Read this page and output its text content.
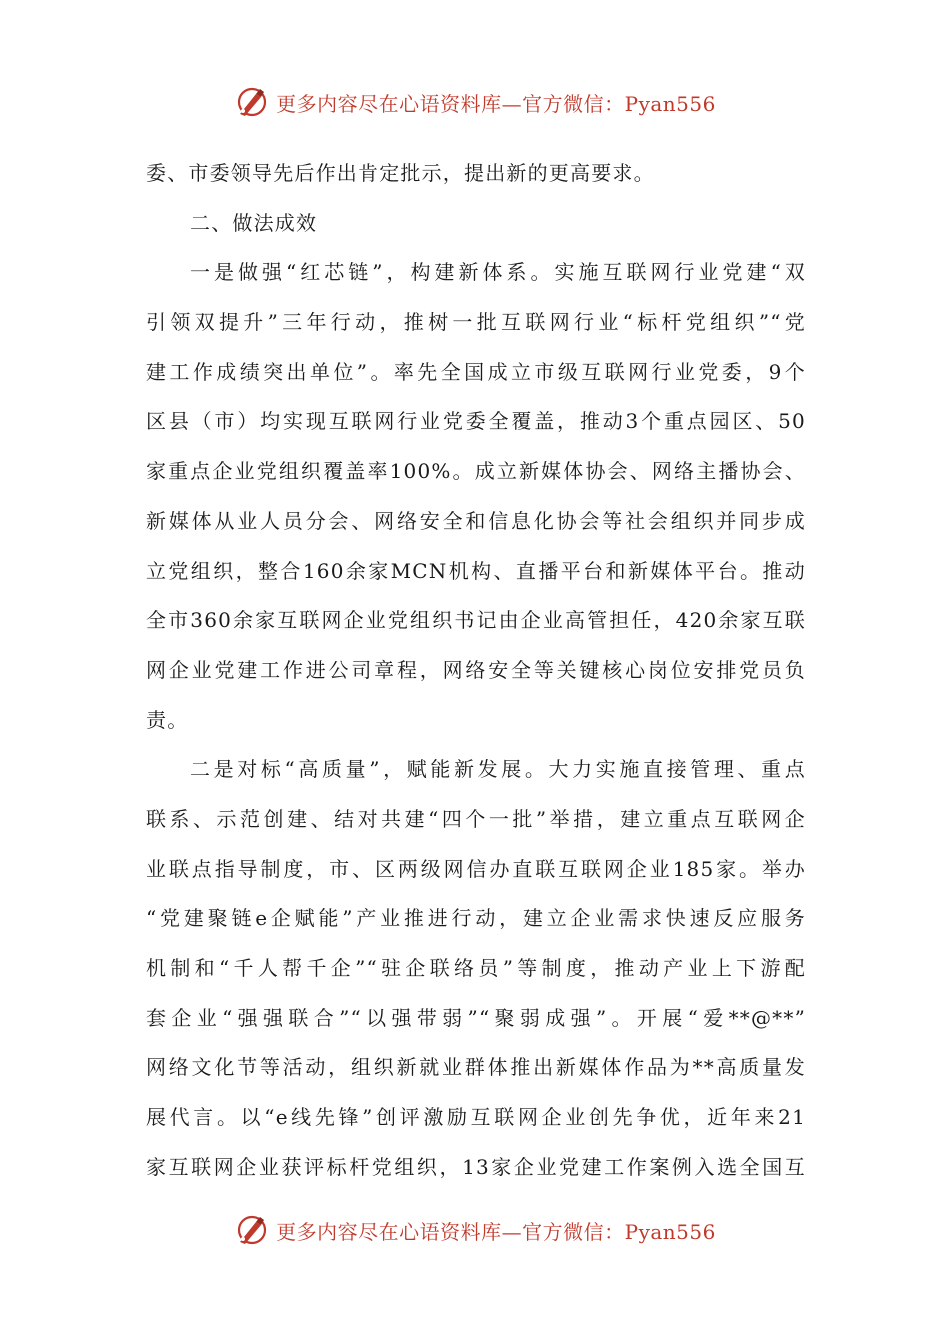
更多内容尽在心语资料库—官方微信：Pyan556
委、市委领导先后作出肯定批示，提出新的更高要求。
二、做法成效
一是做强“红芯链”，构建新体系。实施互联网行业党建“双
引领双提升”三年行动，推树一批互联网行业“标杆党组织”“党
建工作成绩突出单位”。率先全国成立市级互联网行业党委，9个
区县（市）均实现互联网行业党委全覆盖，推动3个重点园区、50
家重点企业党组织覆盖率100%。成立新媒体协会、网络主播协会、
新媒体从业人员分会、网络安全和信息化协会等社会组织并同步成
立党组织，整合160余家MCN机构、直播平台和新媒体平台。推动
全市360余家互联网企业党组织书记由企业高管担任，420余家互联
网企业党建工作进公司章程，网络安全等关键核心岗位安排党员负
责。
二是对标“高质量”，赋能新发展。大力实施直接管理、重点
联系、示范创建、结对共建“四个一批”举措，建立重点互联网企
业联点指导制度，市、区两级网信办直联互联网企业185家。举办
“党建聚链e企赋能”产业推进行动，建立企业需求快速反应服务
机制和“千人帮千企”“驻企联络员”等制度，推动产业上下游配
套企业“强强联合”“以强带弱”“聚弱成强”。开展“爱**@**”
网络文化节等活动，组织新就业群体推出新媒体作品为**高质量发
展代言。以“e线先锋”创评激励互联网企业创先争优，近年来21
家互联网企业获评标杆党组织，13家企业党建工作案例入选全国互
更多内容尽在心语资料库—官方微信：Pyan556
